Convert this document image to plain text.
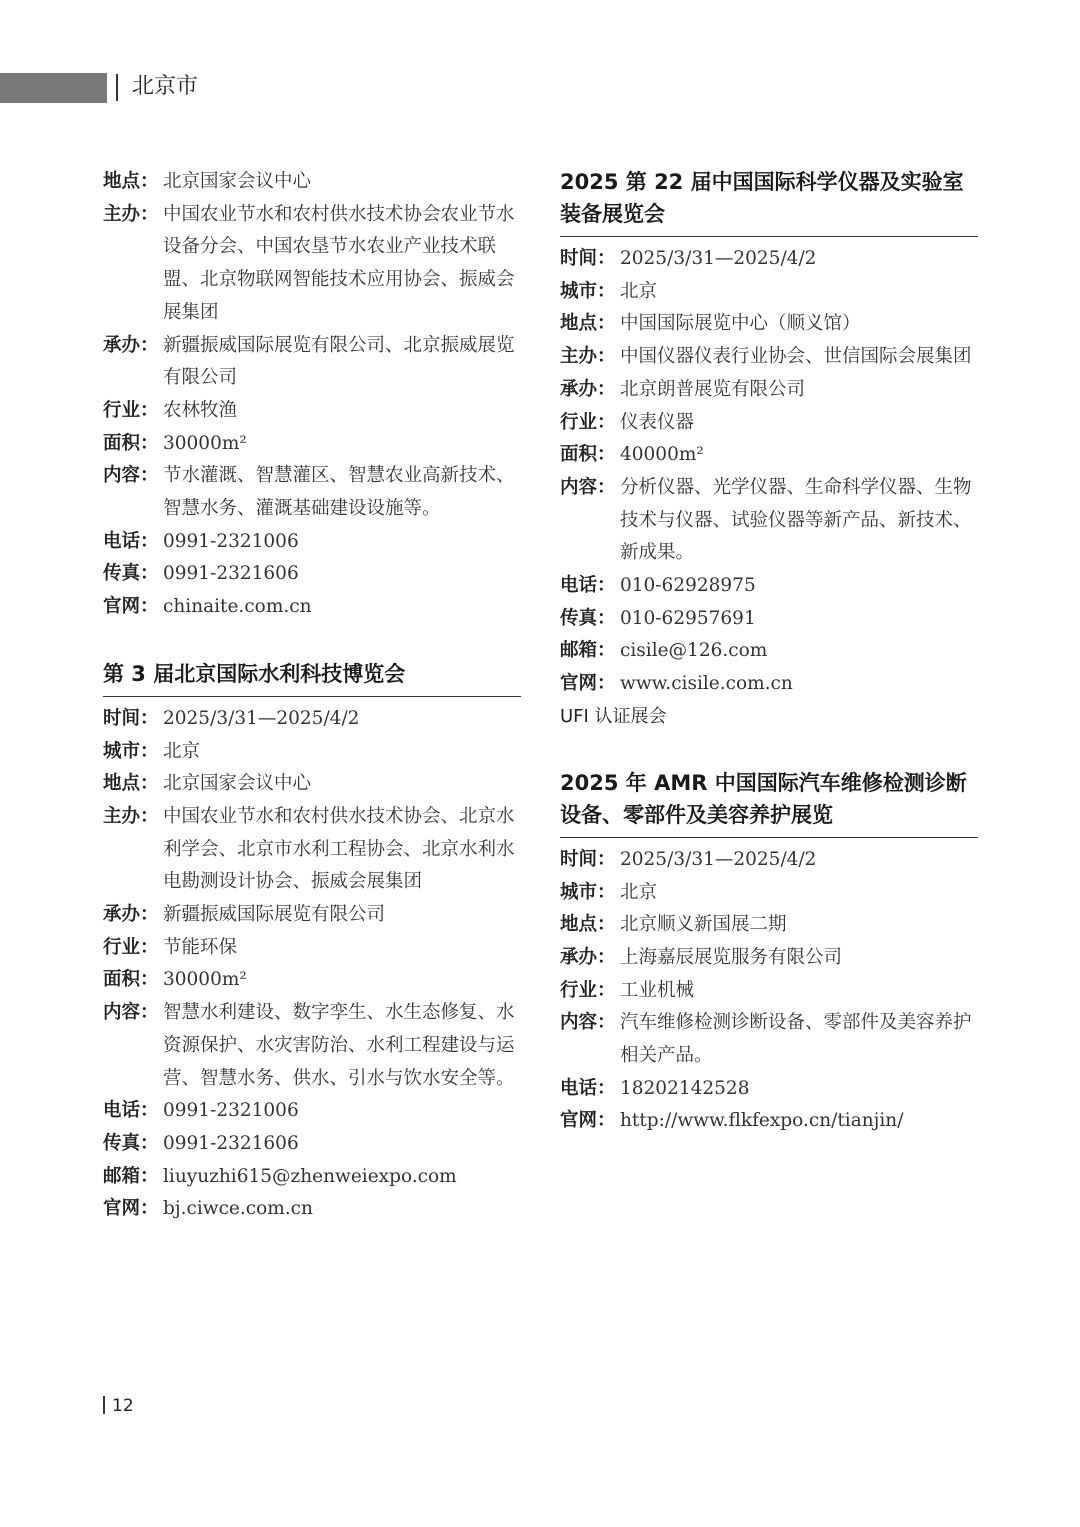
北京市
地点： 北京国家会议中心
主办： 中国农业节水和农村供水技术协会农业节水设备分会、中国农垦节水农业产业技术联盟、北京物联网智能技术应用协会、振威会展集团
承办： 新疆振威国际展览有限公司、北京振威展览有限公司
行业： 农林牧渔
面积： 30000m²
内容： 节水灌溉、智慧灌区、智慧农业高新技术、智慧水务、灌溉基础建设设施等。
电话： 0991-2321006
传真： 0991-2321606
官网： chinaite.com.cn
第 3 届北京国际水利科技博览会
时间： 2025/3/31—2025/4/2
城市： 北京
地点： 北京国家会议中心
主办： 中国农业节水和农村供水技术协会、北京水利学会、北京市水利工程协会、北京水利水电勘测设计协会、振威会展集团
承办： 新疆振威国际展览有限公司
行业： 节能环保
面积： 30000m²
内容： 智慧水利建设、数字孪生、水生态修复、水资源保护、水灾害防治、水利工程建设与运营、智慧水务、供水、引水与饮水安全等。
电话： 0991-2321006
传真： 0991-2321606
邮箱： liuyuzhi615@zhenweiexpo.com
官网： bj.ciwce.com.cn
2025 第 22 届中国国际科学仪器及实验室装备展览会
时间： 2025/3/31—2025/4/2
城市： 北京
地点： 中国国际展览中心（顺义馆）
主办： 中国仪器仪表行业协会、世信国际会展集团
承办： 北京朗普展览有限公司
行业： 仪表仪器
面积： 40000m²
内容： 分析仪器、光学仪器、生命科学仪器、生物技术与仪器、试验仪器等新产品、新技术、新成果。
电话： 010-62928975
传真： 010-62957691
邮箱： cisile@126.com
官网： www.cisile.com.cn
UFI 认证展会
2025 年 AMR 中国国际汽车维修检测诊断设备、零部件及美容养护展览
时间： 2025/3/31—2025/4/2
城市： 北京
地点： 北京顺义新国展二期
承办： 上海嘉辰展览服务有限公司
行业： 工业机械
内容： 汽车维修检测诊断设备、零部件及美容养护相关产品。
电话： 18202142528
官网： http://www.flkfexpo.cn/tianjin/
12
